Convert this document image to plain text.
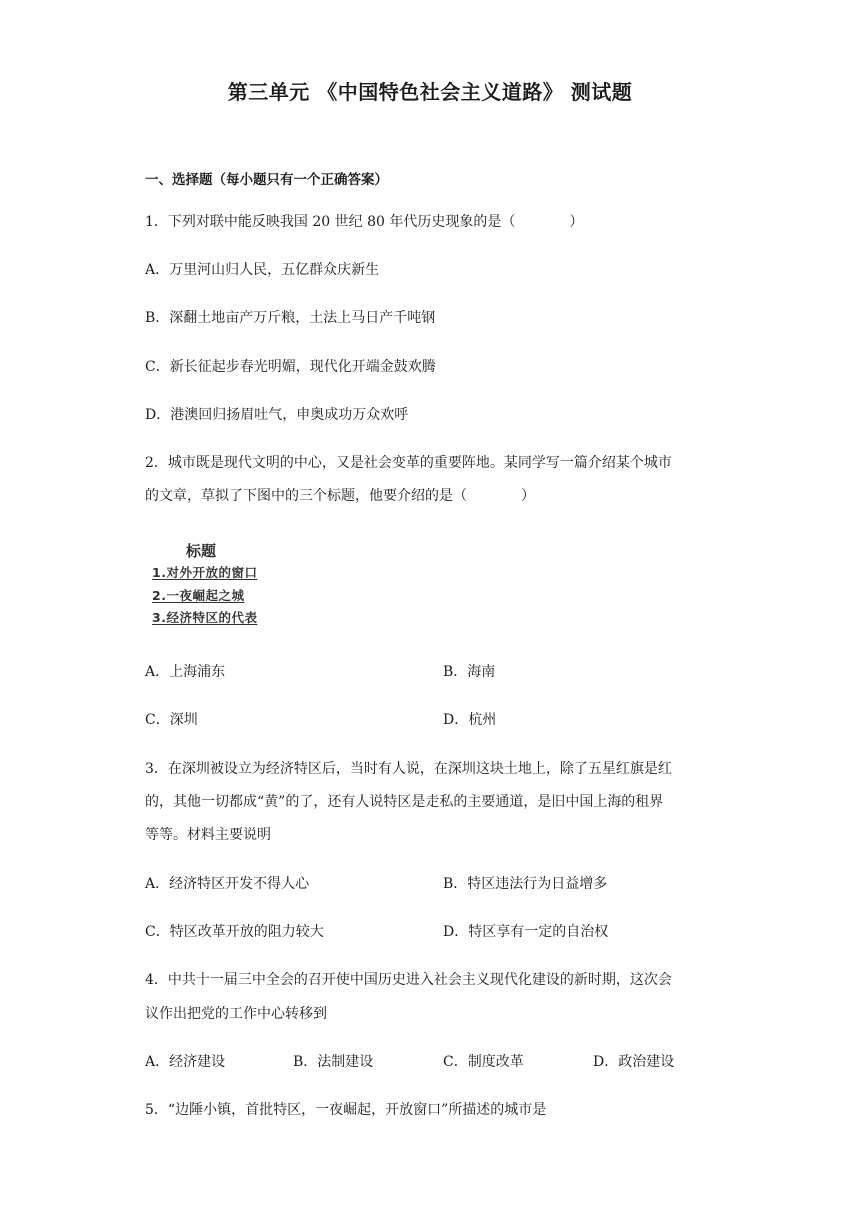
第三单元 《中国特色社会主义道路》 测试题
一、选择题（每小题只有一个正确答案）
1．下列对联中能反映我国 20 世纪 80 年代历史现象的是（	）
A．万里河山归人民，五亿群众庆新生
B．深翻土地亩产万斤粮，土法上马日产千吨钢
C．新长征起步春光明媚，现代化开端金鼓欢腾
D．港澳回归扬眉吐气，申奥成功万众欢呼
2．城市既是现代文明的中心，又是社会变革的重要阵地。某同学写一篇介绍某个城市
的文章，草拟了下图中的三个标题，他要介绍的是（	）
标题
1.对外开放的窗口
2.一夜崛起之城
3.经济特区的代表
A．上海浦东	B．海南
C．深圳	D．杭州
3．在深圳被设立为经济特区后，当时有人说，在深圳这块土地上，除了五星红旗是红
的，其他一切都成“黄”的了，还有人说特区是走私的主要通道，是旧中国上海的租界
等等。材料主要说明
A．经济特区开发不得人心	B．特区违法行为日益增多
C．特区改革开放的阻力较大	D．特区享有一定的自治权
4．中共十一届三中全会的召开使中国历史进入社会主义现代化建设的新时期，这次会
议作出把党的工作中心转移到
A．经济建设	B．法制建设	C．制度改革	D．政治建设
5．“边陲小镇，首批特区，一夜崛起，开放窗口”所描述的城市是
